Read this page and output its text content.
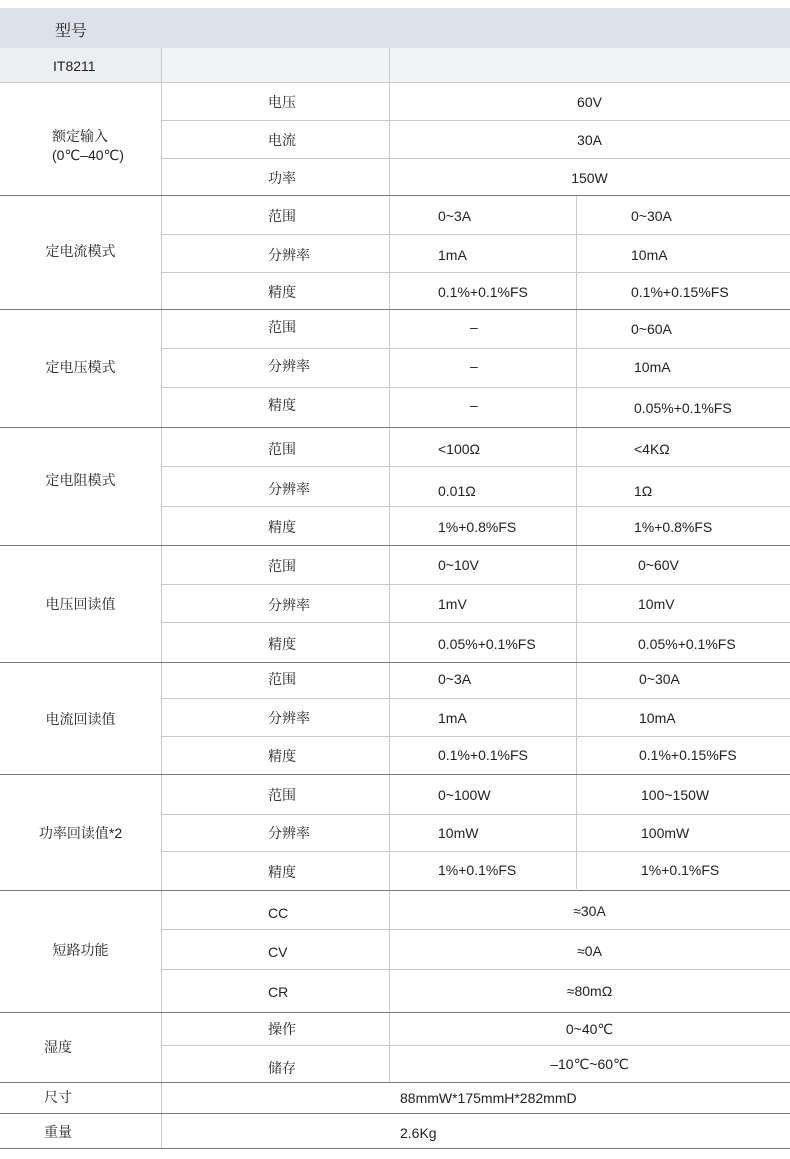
型号
IT8211
额定输入
(0℃–40℃)
电压
电流
功率
60V
30A
150W
定电流模式
范围
分辨率
精度
0~3A
1mA
0.1%+0.1%FS
0~30A
10mA
0.1%+0.15%FS
定电压模式
范围
分辨率
精度
–
–
–
0~60A
10mA
0.05%+0.1%FS
定电阻模式
范围
分辨率
精度
<100Ω
0.01Ω
1%+0.8%FS
<4KΩ
1Ω
1%+0.8%FS
电压回读值
范围
分辨率
精度
0~10V
1mV
0.05%+0.1%FS
0~60V
10mV
0.05%+0.1%FS
电流回读值
范围
分辨率
精度
0~3A
1mA
0.1%+0.1%FS
0~30A
10mA
0.1%+0.15%FS
功率回读值*2
范围
分辨率
精度
0~100W
10mW
1%+0.1%FS
100~150W
100mW
1%+0.1%FS
短路功能
CC
CV
CR
≈30A
≈0A
≈80mΩ
湿度
操作
储存
0~40℃
–10℃~60℃
尺寸	88mmW*175mmH*282mmD
重量	2.6Kg
